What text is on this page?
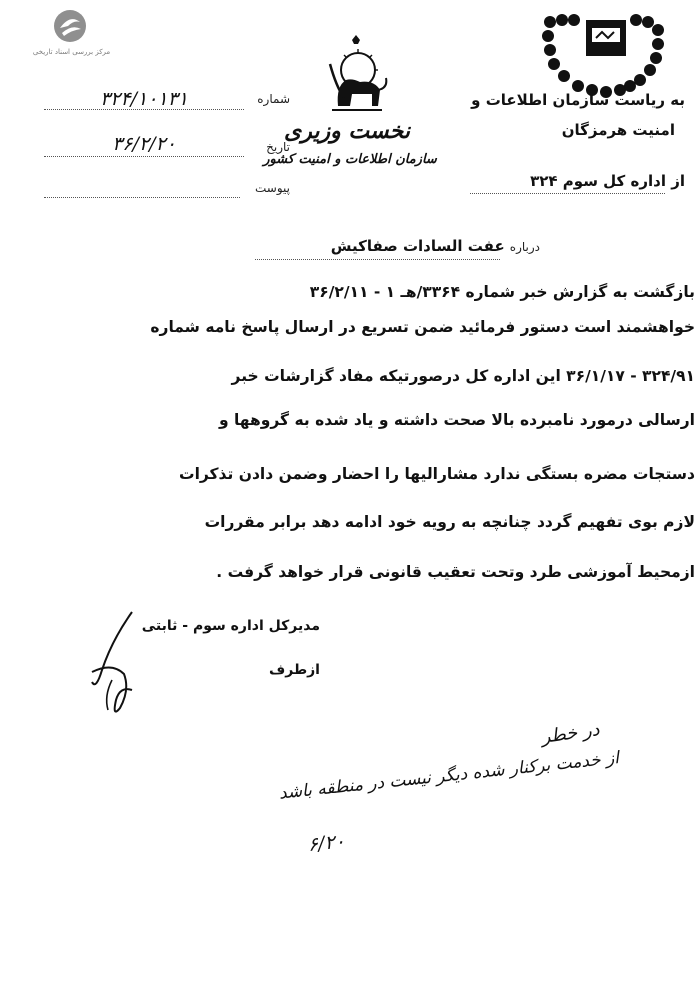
مرکز بررسی اسناد تاریخی
نخست وزیری
سازمان اطلاعات و امنیت کشور
به ریاست سازمان اطلاعات و
امنیت هرمزگان
از اداره کل سوم ۳۲۴
شماره
۳۲۴/۱۰۱۳۱
تاریخ
۳۶/۲/۲۰
پیوست
درباره عفت السادات صفاکیش
بازگشت به گزارش خبر شماره ۳۳۶۴/هـ ۱ - ۳۶/۲/۱۱
خواهشمند است دستور فرمائید ضمن تسریع در ارسال پاسخ نامه شماره
۳۲۴/۹۱ - ۳۶/۱/۱۷ این اداره کل درصورتیکه مفاد گزارشات خبر
ارسالی درمورد نامبرده بالا صحت داشته و یاد شده به گروهها و
دستجات مضره بستگی ندارد مشارالیها را احضار وضمن دادن تذکرات
لازم بوی تفهیم گردد چنانچه به رویه خود ادامه دهد برابر مقررات
ازمحیط آموزشی طرد وتحت تعقیب قانونی قرار خواهد گرفت .
مدیرکل اداره سوم - ثابتی
ازطرف
در خطر
از خدمت برکنار شده دیگر نیست در منطقه باشد
۶/۲۰
